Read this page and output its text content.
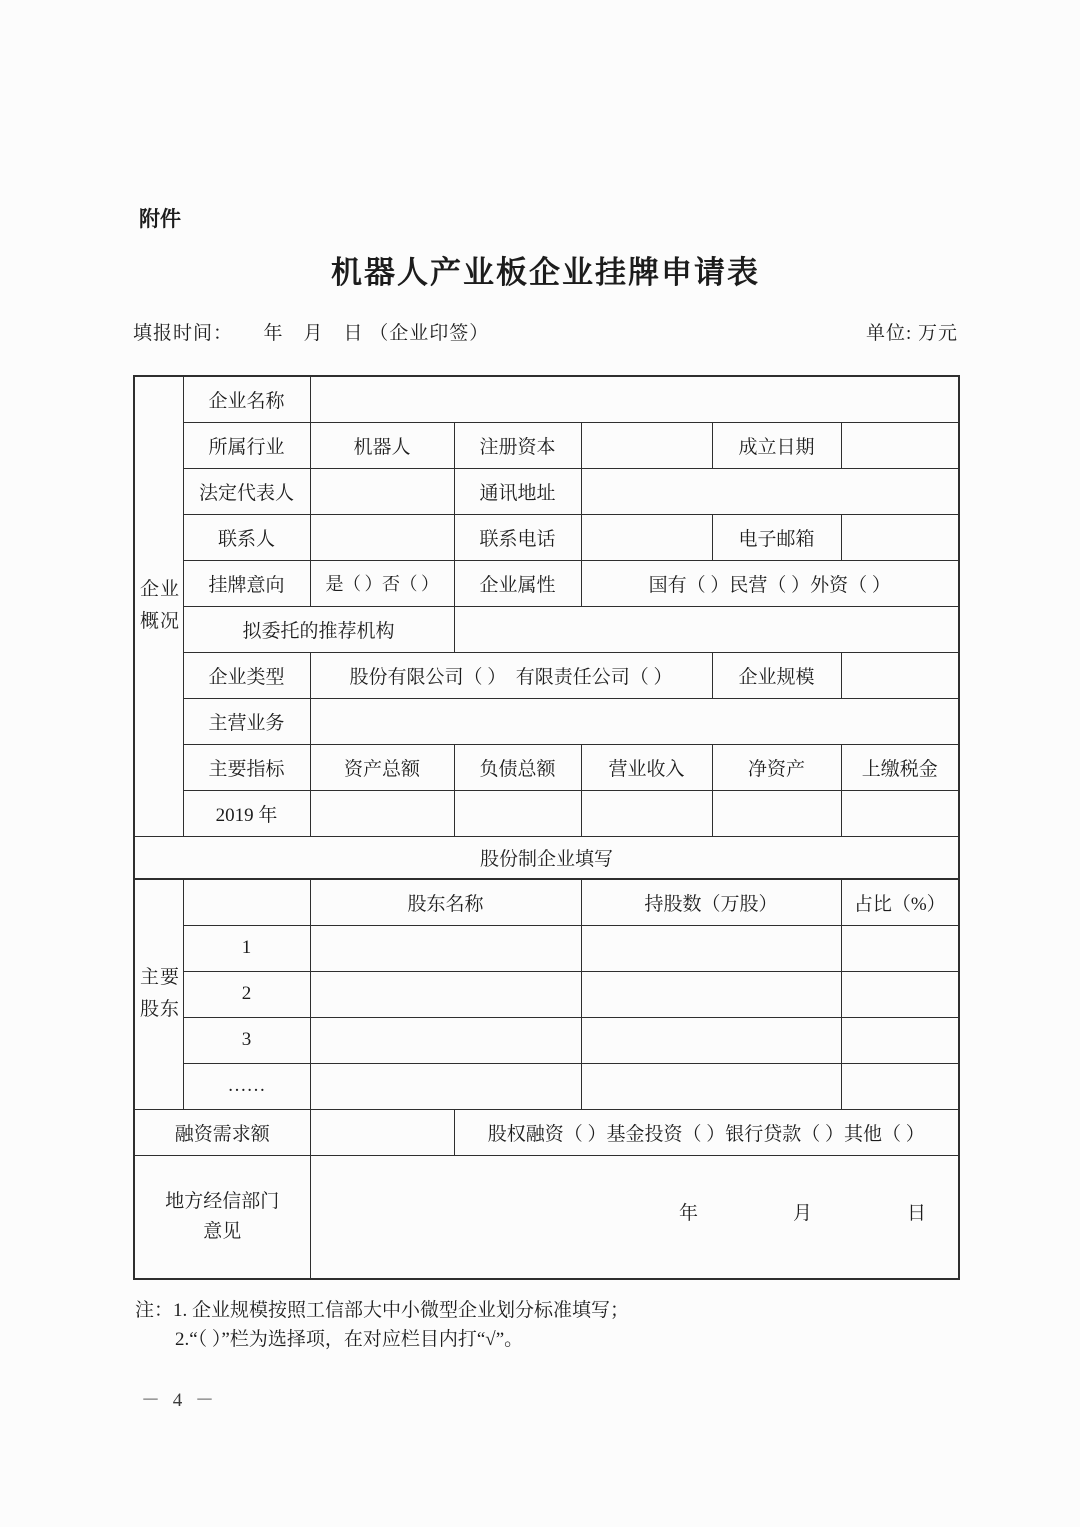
附件
机器人产业板企业挂牌申请表
填报时间：　　年　月　日 （企业印签）	单位: 万元
企业概况	企业名称					
	所属行业	机器人	注册资本		成立日期	
	法定代表人		通讯地址			
	联系人		联系电话		电子邮箱	
	挂牌意向	是（ ）否（ ）	企业属性	国有（ ）民营（ ）外资（ ）		
	拟委托的推荐机构					
	企业类型	股份有限公司（ ）　有限责任公司（ ）			企业规模	
	主营业务					
	主要指标	资产总额	负债总额	营业收入	净资产	上缴税金
	2019 年					
股份制企业填写						

主要股东		股东名称		持股数（万股）		占比（%）
	1					
	2					
	3					
	……					
融资需求额			股权融资（ ）基金投资（ ）银行贷款（ ）其他（ ）			

地方经信部门意见		年 月 日				
注：1. 企业规模按照工信部大中小微型企业划分标准填写；
2.“（ ）”栏为选择项，在对应栏目内打“√”。
－ 4 －
